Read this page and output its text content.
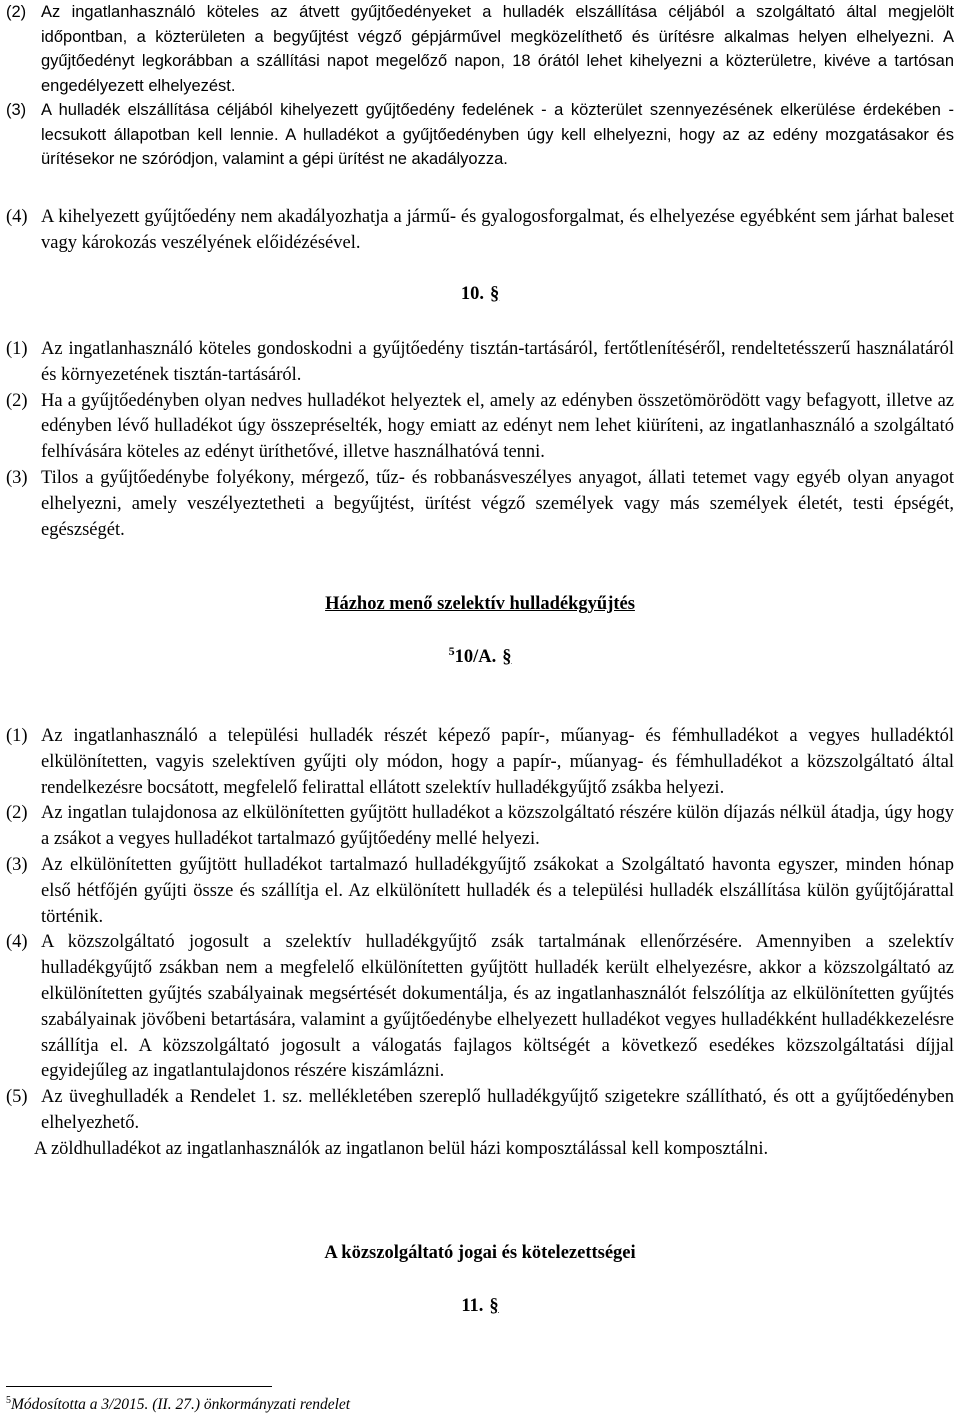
(2) Az ingatlanhasználó köteles az átvett gyűjtőedényeket a hulladék elszállítása céljából a szolgáltató által megjelölt időpontban, a közterületen a begyűjtést végző gépjárművel megközelíthető és ürítésre alkalmas helyen elhelyezni. A gyűjtőedényt legkorábban a szállítási napot megelőző napon, 18 órától lehet kihelyezni a közterületre, kivéve a tartósan engedélyezett elhelyezést.

(3) A hulladék elszállítása céljából kihelyezett gyűjtőedény fedelének - a közterület szennyezésének elkerülése érdekében - lecsukott állapotban kell lennie. A hulladékot a gyűjtőedényben úgy kell elhelyezni, hogy az az edény mozgatásakor és ürítésekor ne szóródjon, valamint a gépi ürítést ne akadályozza.

(4) A kihelyezett gyűjtőedény nem akadályozhatja a jármű- és gyalogosforgalmat, és elhelyezése egyébként sem járhat baleset vagy károkozás veszélyének előidézésével.

10. §

(1) Az ingatlanhasználó köteles gondoskodni a gyűjtőedény tisztán-tartásáról, fertőtlenítéséről, rendeltetésszerű használatáról és környezetének tisztán-tartásáról.

(2) Ha a gyűjtőedényben olyan nedves hulladékot helyeztek el, amely az edényben összetömörödött vagy befagyott, illetve az edényben lévő hulladékot úgy összepréselték, hogy emiatt az edényt nem lehet kiüríteni, az ingatlanhasználó a szolgáltató felhívására köteles az edényt üríthetővé, illetve használhatóvá tenni.

(3) Tilos a gyűjtőedénybe folyékony, mérgező, tűz- és robbanásveszélyes anyagot, állati tetemet vagy egyéb olyan anyagot elhelyezni, amely veszélyeztetheti a begyűjtést, ürítést végző személyek vagy más személyek életét, testi épségét, egészségét.

Házhoz menő szelektív hulladékgyűjtés
$^5$10/A. §

(1) Az ingatlanhasználó a települési hulladék részét képező papír-, műanyag- és fémhulladékot a vegyes hulladéktól elkülönítetten, vagyis szelektíven gyűjti oly módon, hogy a papír-, műanyag- és fémhulladékot a közszolgáltató által rendelkezésre bocsátott, megfelelő felirattal ellátott szelektív hulladékgyűjtő zsákba helyezi.

(2) Az ingatlan tulajdonosa az elkülönítetten gyűjtött hulladékot a közszolgáltató részére külön díjazás nélkül átadja, úgy hogy a zsákot a vegyes hulladékot tartalmazó gyűjtőedény mellé helyezi.

(3) Az elkülönítetten gyűjtött hulladékot tartalmazó hulladékgyűjtő zsákokat a Szolgáltató havonta egyszer, minden hónap első hétfőjén gyűjti össze és szállítja el. Az elkülönített hulladék és a települési hulladék elszállítása külön gyűjtőjárattal történik.

(4) A közszolgáltató jogosult a szelektív hulladékgyűjtő zsák tartalmának ellenőrzésére. Amennyiben a szelektív hulladékgyűjtő zsákban nem a megfelelő elkülönítetten gyűjtött hulladék került elhelyezésre, akkor a közszolgáltató az elkülönítetten gyűjtés szabályainak megsértését dokumentálja, és az ingatlanhasználót felszólítja az elkülönítetten gyűjtés szabályainak jövőbeni betartására, valamint a gyűjtőedénybe elhelyezett hulladékot vegyes hulladékként hulladékkezelésre szállítja el. A közszolgáltató jogosult a válogatás fajlagos költségét a következő esedékes közszolgáltatási díjjal egyidejűleg az ingatlantulajdonos részére kiszámlázni.

(5) Az üveghulladék a Rendelet 1. sz. mellékletében szereplő hulladékgyűjtő szigetekre szállítható, és ott a gyűjtőedényben elhelyezhető.

A zöldhulladékot az ingatlanhasználók az ingatlanon belül házi komposztálással kell komposztálni.

A közszolgáltató jogai és kötelezettségei
11. §
$^5$Módosította a 3/2015. (II. 27.) önkormányzati rendelet
